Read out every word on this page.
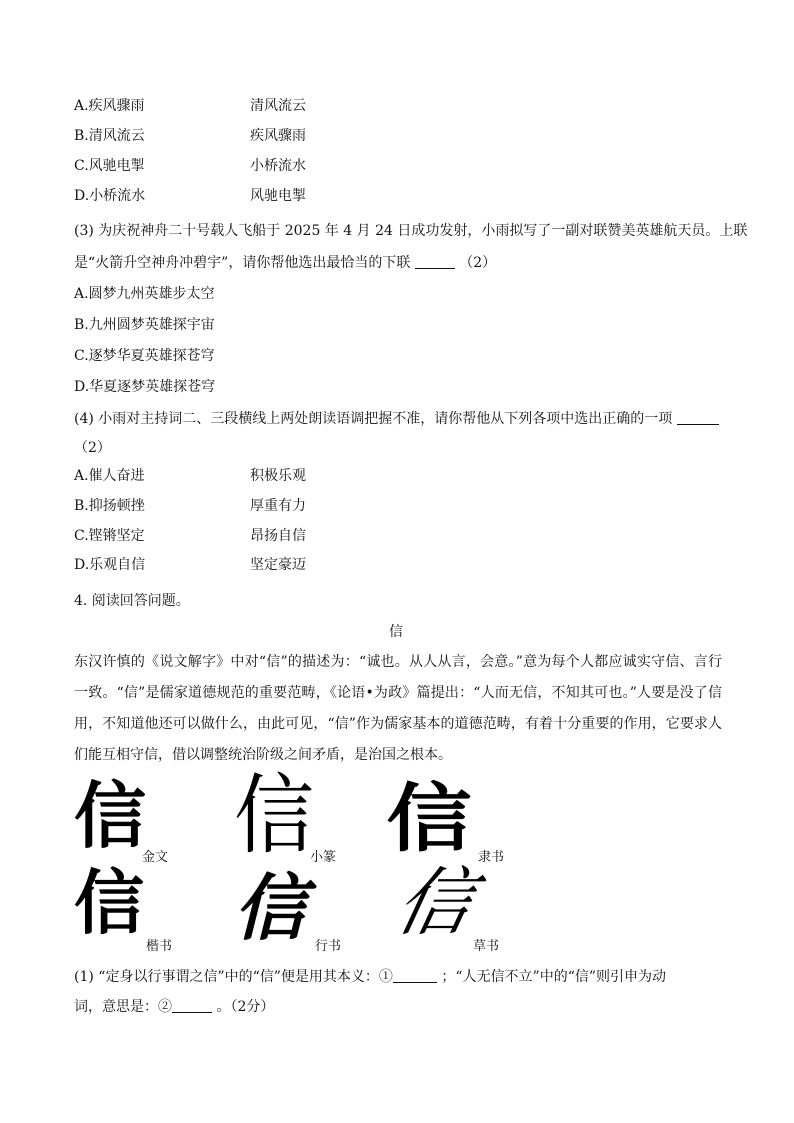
A.疾风骤雨	清风流云
B.清风流云	疾风骤雨
C.风驰电掣	小桥流水
D.小桥流水	风驰电掣
(3) 为庆祝神舟二十号载人飞船于 2025 年 4 月 24 日成功发射，小雨拟写了一副对联赞美英雄航天员。上联
是“火箭升空神舟冲碧宇”，请你帮他选出最恰当的下联	（2）
A.圆梦九州英雄步太空
B.九州圆梦英雄探宇宙
C.逐梦华夏英雄探苍穹
D.华夏逐梦英雄探苍穹
(4) 小雨对主持词二、三段横线上两处朗读语调把握不准，请你帮他从下列各项中选出正确的一项
（2）
A.催人奋进	积极乐观
B.抑扬顿挫	厚重有力
C.铿锵坚定	昂扬自信
D.乐观自信	坚定豪迈
4. 阅读回答问题。
信
东汉许慎的《说文解字》中对“信”的描述为：“诚也。从人从言，会意。”意为每个人都应诚实守信、言行一致。“信”是儒家道德规范的重要范畴，《论语•为政》篇提出：“人而无信，不知其可也。”人要是没了信用，不知道他还可以做什么，由此可见，“信”作为儒家基本的道德范畴，有着十分重要的作用，它要求人们能互相守信，借以调整统治阶级之间矛盾，是治国之根本。
信 金文 信
小篆 信 隶书
信
楷书 信 行书
信
草书
(1) “定身以行事谓之信”中的“信”便是用其本义：①	；“人无信不立”中的“信”则引申为动
词，意思是：②	。（2分）
